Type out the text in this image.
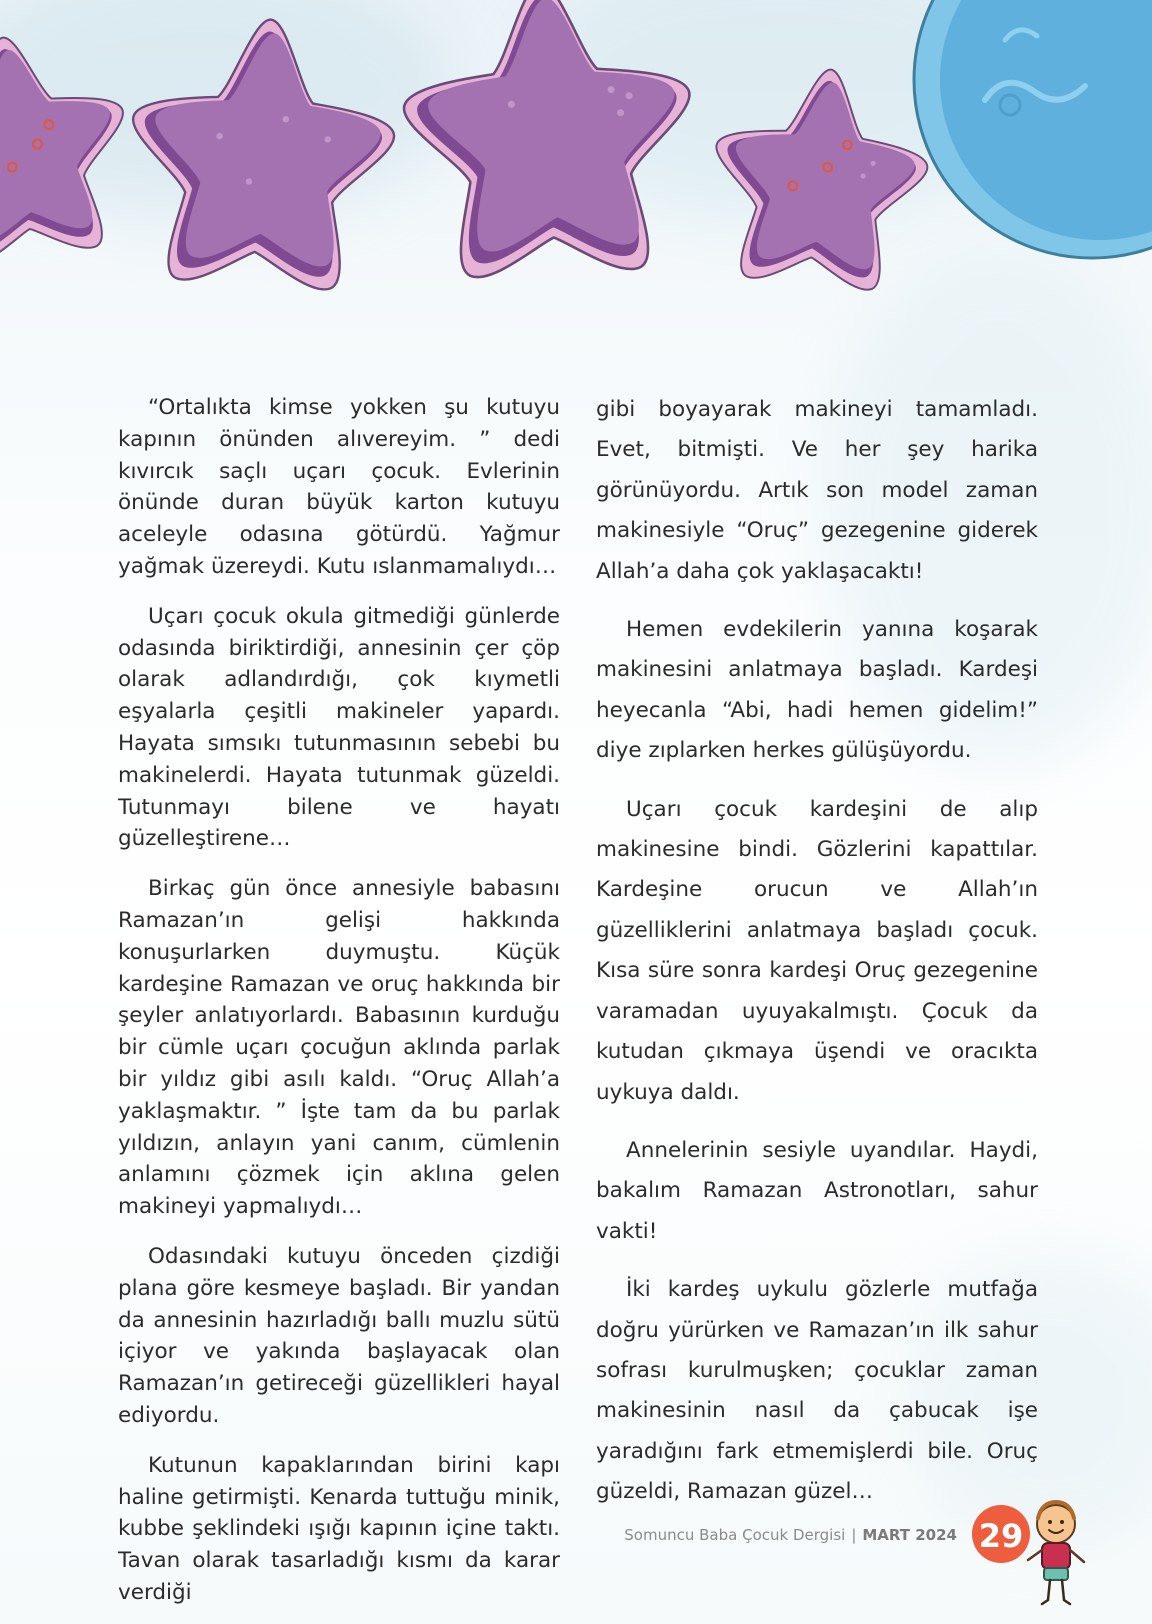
“Ortalıkta kimse yokken şu kutuyu kapının önünden alıvereyim. ” dedi kıvırcık saçlı uçarı çocuk. Evlerinin önünde duran büyük karton kutuyu aceleyle odasına götürdü. Yağmur yağmak üzereydi. Kutu ıslanmamalıydı…

Uçarı çocuk okula gitmediği günlerde odasında biriktirdiği, annesinin çer çöp olarak adlandırdığı, çok kıymetli eşyalarla çeşitli makineler yapardı. Hayata sımsıkı tutunmasının sebebi bu makinelerdi. Hayata tutunmak güzeldi. Tutunmayı bilene ve hayatı güzelleştirene…

Birkaç gün önce annesiyle babasını Ramazan’ın gelişi hakkında konuşurlarken duymuştu. Küçük kardeşine Ramazan ve oruç hakkında bir şeyler anlatıyorlardı. Babasının kurduğu bir cümle uçarı çocuğun aklında parlak bir yıldız gibi asılı kaldı. “Oruç Allah’a yaklaşmaktır. ” İşte tam da bu parlak yıldızın, anlayın yani canım, cümlenin anlamını çözmek için aklına gelen makineyi yapmalıydı…

Odasındaki kutuyu önceden çizdiği plana göre kesmeye başladı. Bir yandan da annesinin hazırladığı ballı muzlu sütü içiyor ve yakında başlayacak olan Ramazan’ın getireceği güzellikleri hayal ediyordu.

Kutunun kapaklarından birini kapı haline getirmişti. Kenarda tuttuğu minik, kubbe şeklindeki ışığı kapının içine taktı. Tavan olarak tasarladığı kısmı da karar verdiği

gibi boyayarak makineyi tamamladı. Evet, bitmişti. Ve her şey harika görünüyordu. Artık son model zaman makinesiyle “Oruç” gezegenine giderek Allah’a daha çok yaklaşacaktı!

Hemen evdekilerin yanına koşarak makinesini anlatmaya başladı. Kardeşi heyecanla “Abi, hadi hemen gidelim!” diye zıplarken herkes gülüşüyordu.

Uçarı çocuk kardeşini de alıp makinesine bindi. Gözlerini kapattılar. Kardeşine orucun ve Allah’ın güzelliklerini anlatmaya başladı çocuk. Kısa süre sonra kardeşi Oruç gezegenine varamadan uyuyakalmıştı. Çocuk da kutudan çıkmaya üşendi ve oracıkta uykuya daldı.

Annelerinin sesiyle uyandılar. Haydi, bakalım Ramazan Astronotları, sahur vakti!

İki kardeş uykulu gözlerle mutfağa doğru yürürken ve Ramazan’ın ilk sahur sofrası kurulmuşken; çocuklar zaman makinesinin nasıl da çabucak işe yaradığını fark etmemişlerdi bile. Oruç güzeldi, Ramazan güzel…

Somuncu Baba Çocuk Dergisi | MART 2024 29
